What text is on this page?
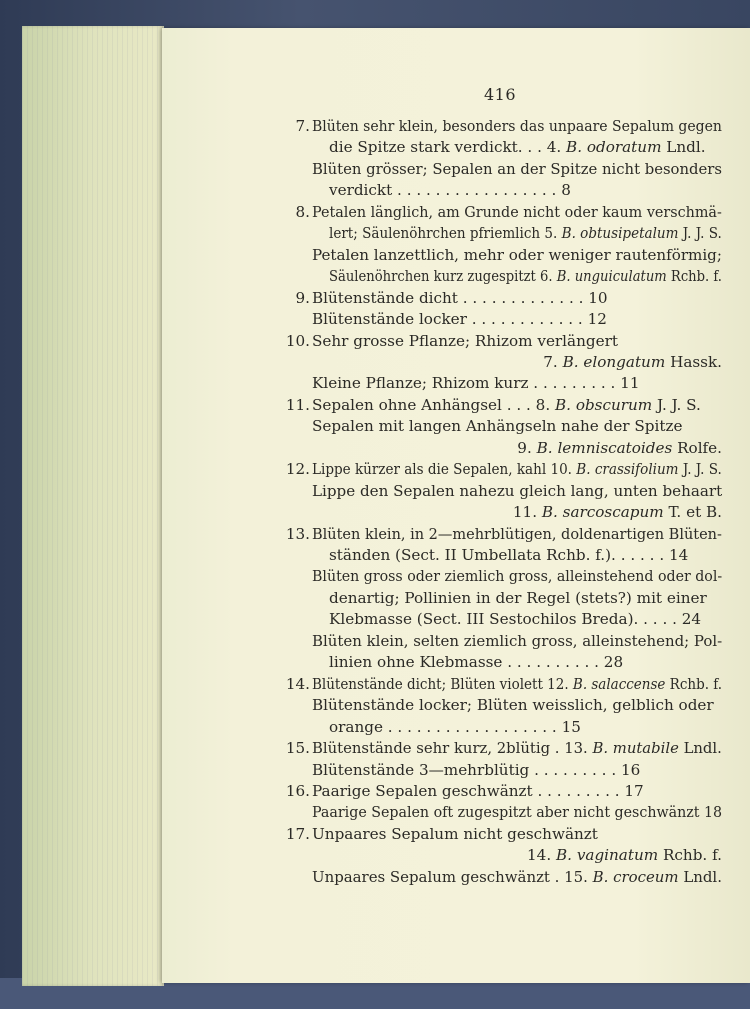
416
7. Blüten sehr klein, besonders das unpaare Sepalum gegen
die Spitze stark verdickt. . . 4. B. odoratum Lndl.
Blüten grösser; Sepalen an der Spitze nicht besonders
verdickt . . . . . . . . . . . . . . . . . 8
8. Petalen länglich, am Grunde nicht oder kaum verschmä-
lert; Säulenöhrchen pfriemlich 5. B. obtusipetalum J. J. S.
Petalen lanzettlich, mehr oder weniger rautenförmig;
Säulenöhrchen kurz zugespitzt 6. B. unguiculatum Rchb. f.
9. Blütenstände dicht . . . . . . . . . . . . . 10
Blütenstände locker . . . . . . . . . . . . 12
10. Sehr grosse Pflanze; Rhizom verlängert
7. B. elongatum Hassk.
Kleine Pflanze; Rhizom kurz . . . . . . . . . 11
11. Sepalen ohne Anhängsel . . . 8. B. obscurum J. J. S.
Sepalen mit langen Anhängseln nahe der Spitze
9. B. lemniscatoides Rolfe.
12. Lippe kürzer als die Sepalen, kahl 10. B. crassifolium J. J. S.
Lippe den Sepalen nahezu gleich lang, unten behaart
11. B. sarcoscapum T. et B.
13. Blüten klein, in 2—mehrblütigen, doldenartigen Blüten-
ständen (Sect. II Umbellata Rchb. f.). . . . . . 14
Blüten gross oder ziemlich gross, alleinstehend oder dol-
denartig; Pollinien in der Regel (stets?) mit einer
Klebmasse (Sect. III Sestochilos Breda). . . . . 24
Blüten klein, selten ziemlich gross, alleinstehend; Pol-
linien ohne Klebmasse . . . . . . . . . . 28
14. Blütenstände dicht; Blüten violett 12. B. salaccense Rchb. f.
Blütenstände locker; Blüten weisslich, gelblich oder
orange . . . . . . . . . . . . . . . . . . 15
15. Blütenstände sehr kurz, 2blütig . 13. B. mutabile Lndl.
Blütenstände 3—mehrblütig . . . . . . . . . 16
16. Paarige Sepalen geschwänzt . . . . . . . . . 17
Paarige Sepalen oft zugespitzt aber nicht geschwänzt 18
17. Unpaares Sepalum nicht geschwänzt
14. B. vaginatum Rchb. f.
Unpaares Sepalum geschwänzt . 15. B. croceum Lndl.
